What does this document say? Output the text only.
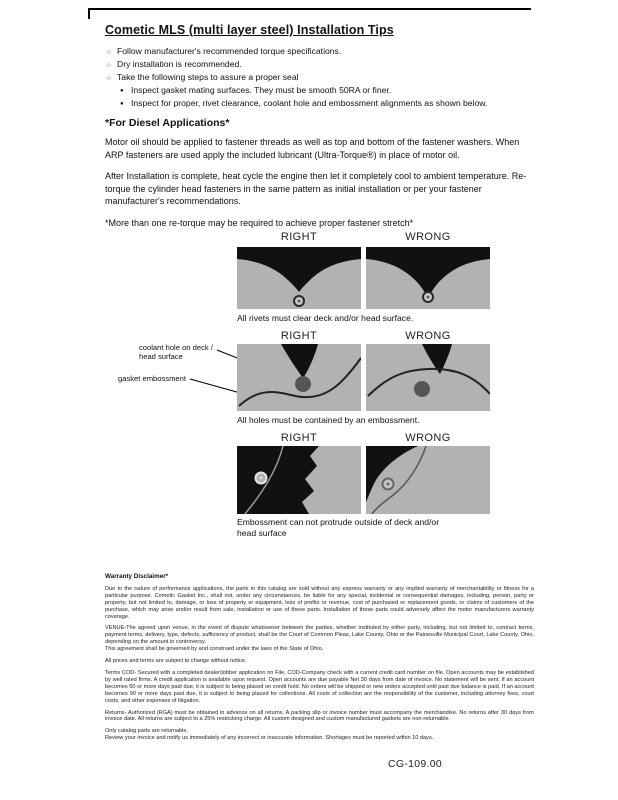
Cometic MLS (multi layer steel) Installation Tips
○ Follow manufacturer's recommended torque specifications.
○ Dry installation is recommended.
○ Take the following steps to assure a proper seal
● Inspect gasket mating surfaces. They must be smooth 50RA or finer.
● Inspect for proper, rivet clearance, coolant hole and embossment alignments as shown below.
*For Diesel Applications*

Motor oil should be applied to fastener threads as well as top and bottom of the fastener washers. When ARP fasteners are used apply the included lubricant (Ultra-Torque®) in place of motor oil.

After Installation is complete, heat cycle the engine then let it completely cool to ambient temperature. Re-torque the cylinder head fasteners in the same pattern as initial installation or per your fastener manufacturer's recommendations.

*More than one re-torque may be required to achieve proper fastener stretch*

RIGHT	WRONG
All rivets must clear deck and/or head surface.
RIGHT	WRONG
coolant hole on deck / head surface
gasket embossment
All holes must be contained by an embossment.
RIGHT	WRONG
Embossment can not protrude outside of deck and/or head surface
Warranty Disclaimer*
Due to the nature of performance applications, the parts in this catalog are sold without any express warranty or any implied warranty of merchantability or fitness for a particular purpose. Cometic Gasket Inc., shall not, under any circumstances, be liable for any special, incidental or consequential damages, including, person, party or property, but not limited to, damage, or loss of property or equipment, loss of profits or revenue, cost of purchased or replacement goods, or claims of customers of the purchase, which may arise and/or result from sale, installation or use of these parts. Installation of these parts could adversely affect the motor manufacturers warranty coverage.
VENUE-The agreed upon venue, in the event of dispute whatsoever between the parties, whether instituted by either party, including, but not limited to, contract terms, payment terms, delivery, type, defects, sufficiency of product, shall be the Court of Common Pleas, Lake County, Ohio or the Painesville Municipal Court, Lake County, Ohio, depending on the amount in controversy.
This agreement shall be governed by and construed under the laws of the State of Ohio.
All prices and terms are subject to change without notice.
Terms COD- Secured with a completed dealer/jobber application on File, COD-Company check with a current credit card number on file. Open accounts may be established by well rated firms. A credit application is available upon request. Open accounts are due payable Net 30 days from date of invoice. No statement will be sent. If an account becomes 60 or more days past due, it is subject to being placed on credit hold. No orders will be shipped or new orders accepted until past due balance is paid. If an account becomes 90 or more days past due, it is subject to being placed for collections. All costs of collection are the responsibility of the customer, including attorney fees, court costs, and other expenses of litigation.
Returns- Authorized (RGA) must be obtained in advance on all returns. A packing slip or invoice number must accompany the merchandise. No returns after 30 days from invoice date. All returns are subject to a 25% restocking charge. All custom designed and custom manufactured gaskets are non-returnable.
Only catalog parts are returnable.
Review your invoice and notify us immediately of any incorrect or inaccurate information. Shortages must be reported within 10 days.
CG-109.00
